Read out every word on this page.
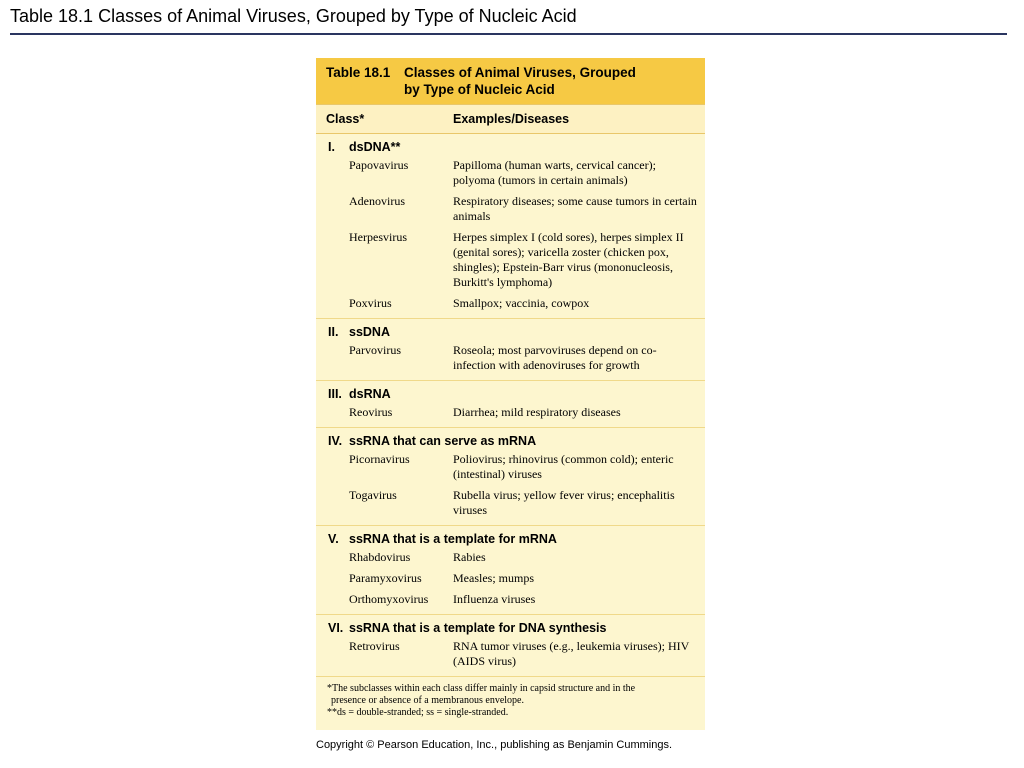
Table 18.1 Classes of Animal Viruses, Grouped by Type of Nucleic Acid
Table 18.1 Classes of Animal Viruses, Grouped
by Type of Nucleic Acid
Class*	Examples/Diseases
I. dsDNA**
Papovavirus	Papilloma (human warts, cervical cancer); polyoma (tumors in certain animals)
Adenovirus	Respiratory diseases; some cause tumors in certain animals
Herpesvirus	Herpes simplex I (cold sores), herpes simplex II (genital sores); varicella zoster (chicken pox, shingles); Epstein-Barr virus (mononucleosis, Burkitt's lymphoma)
Poxvirus	Smallpox; vaccinia, cowpox
II. ssDNA
Parvovirus	Roseola; most parvoviruses depend on co-infection with adenoviruses for growth
III. dsRNA
Reovirus	Diarrhea; mild respiratory diseases
IV. ssRNA that can serve as mRNA
Picornavirus	Poliovirus; rhinovirus (common cold); enteric (intestinal) viruses
Togavirus	Rubella virus; yellow fever virus; encephalitis viruses
V. ssRNA that is a template for mRNA
Rhabdovirus	Rabies
Paramyxovirus	Measles; mumps
Orthomyxovirus	Influenza viruses
VI. ssRNA that is a template for DNA synthesis
Retrovirus	RNA tumor viruses (e.g., leukemia viruses); HIV (AIDS virus)
*The subclasses within each class differ mainly in capsid structure and in the
presence or absence of a membranous envelope.
**ds = double-stranded; ss = single-stranded.
Copyright © Pearson Education, Inc., publishing as Benjamin Cummings.
